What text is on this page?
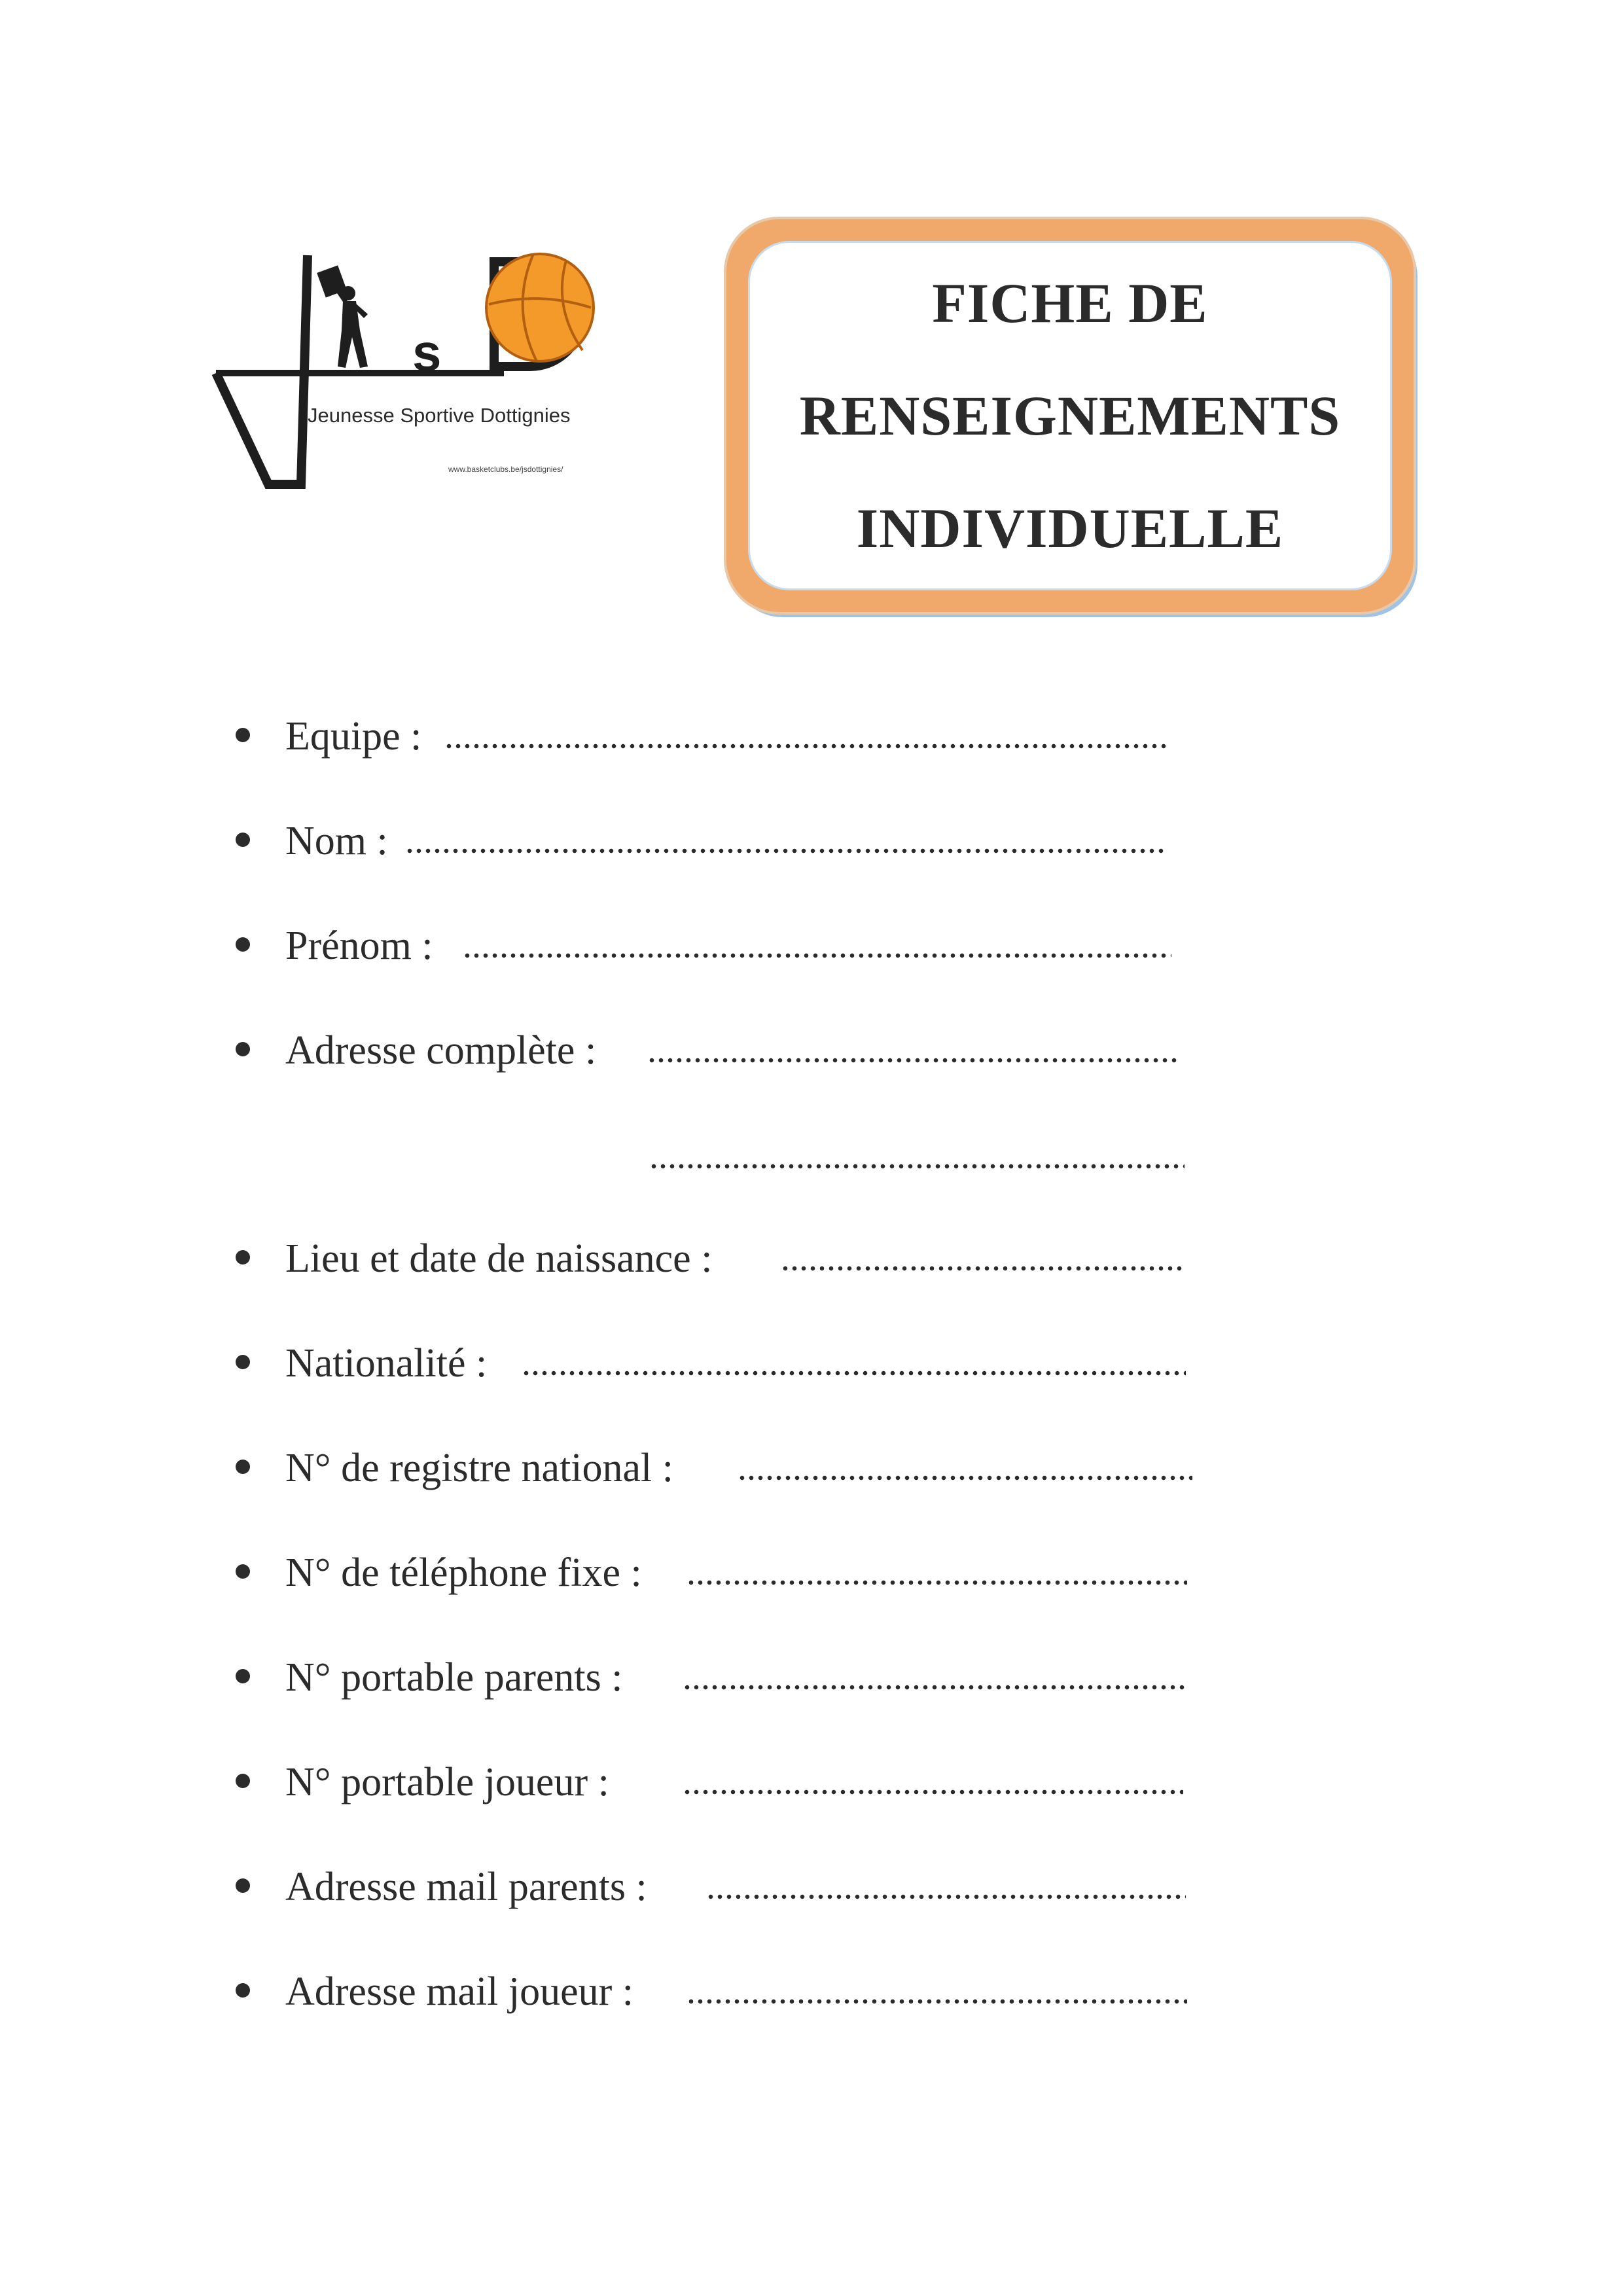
s
Jeunesse Sportive Dottignies
www.basketclubs.be/jsdottignies/
FICHE DE
RENSEIGNEMENTS
INDIVIDUELLE
Equipe :
Nom :
Prénom :
Adresse complète :
Lieu et date de naissance :
Nationalité :
N° de registre national :
N° de téléphone fixe :
N° portable parents :
N° portable joueur :
Adresse mail parents :
Adresse mail joueur :
